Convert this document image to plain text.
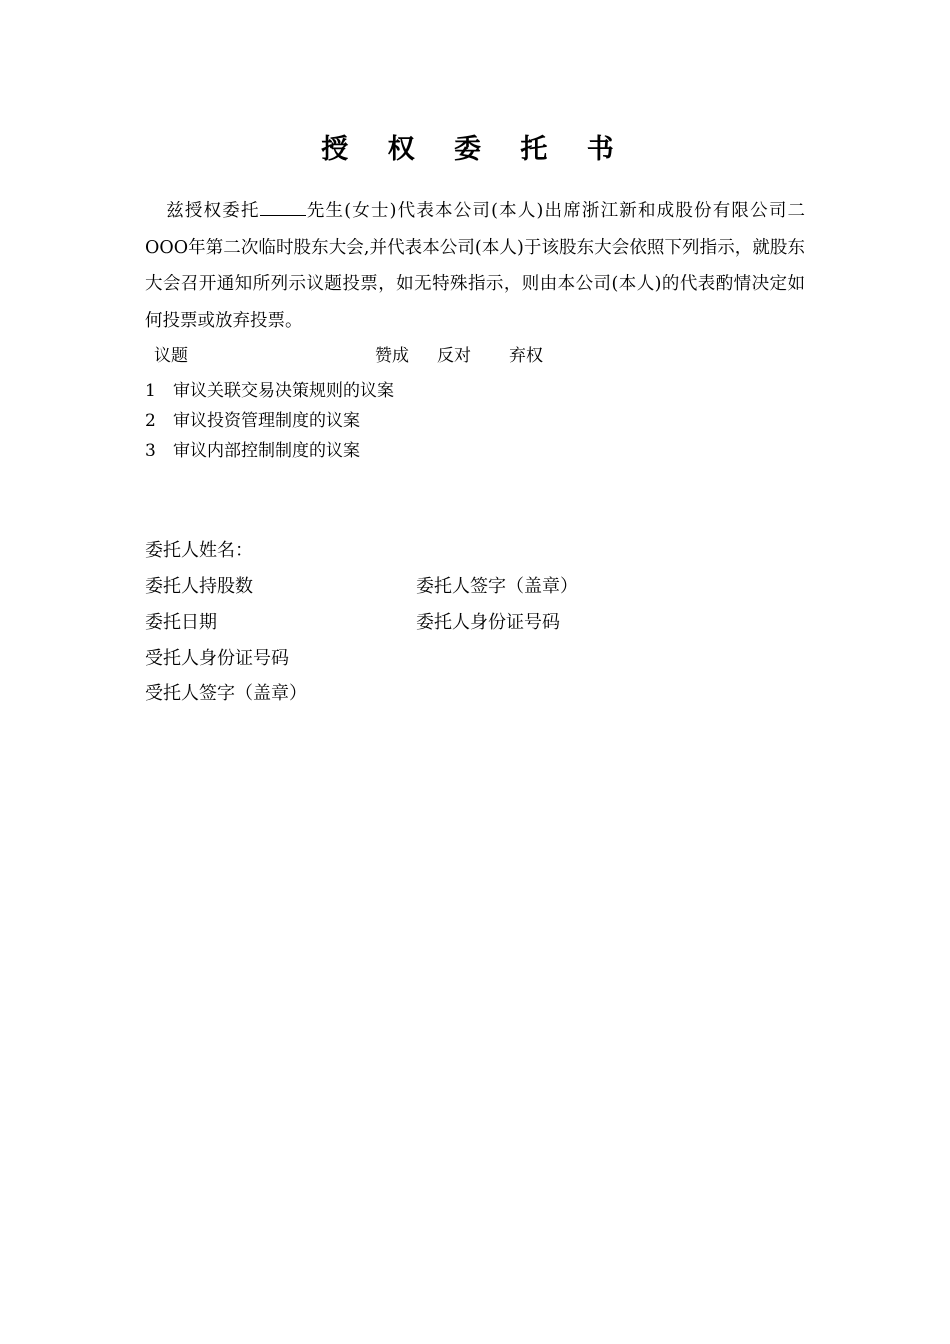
授 权 委 托 书
兹授权委托	先生(女士)代表本公司(本人)出席浙江新和成股份有限公司二OOO年第二次临时股东大会,并代表本公司(本人)于该股东大会依照下列指示，就股东大会召开通知所列示议题投票，如无特殊指示，则由本公司(本人)的代表酌情决定如何投票或放弃投票。
议题	赞成 反对 弃权
1 审议关联交易决策规则的议案
2 审议投资管理制度的议案
3 审议内部控制制度的议案
委托人姓名：
委托人持股数	委托人签字（盖章）
委托日期	委托人身份证号码
受托人身份证号码
受托人签字（盖章）
